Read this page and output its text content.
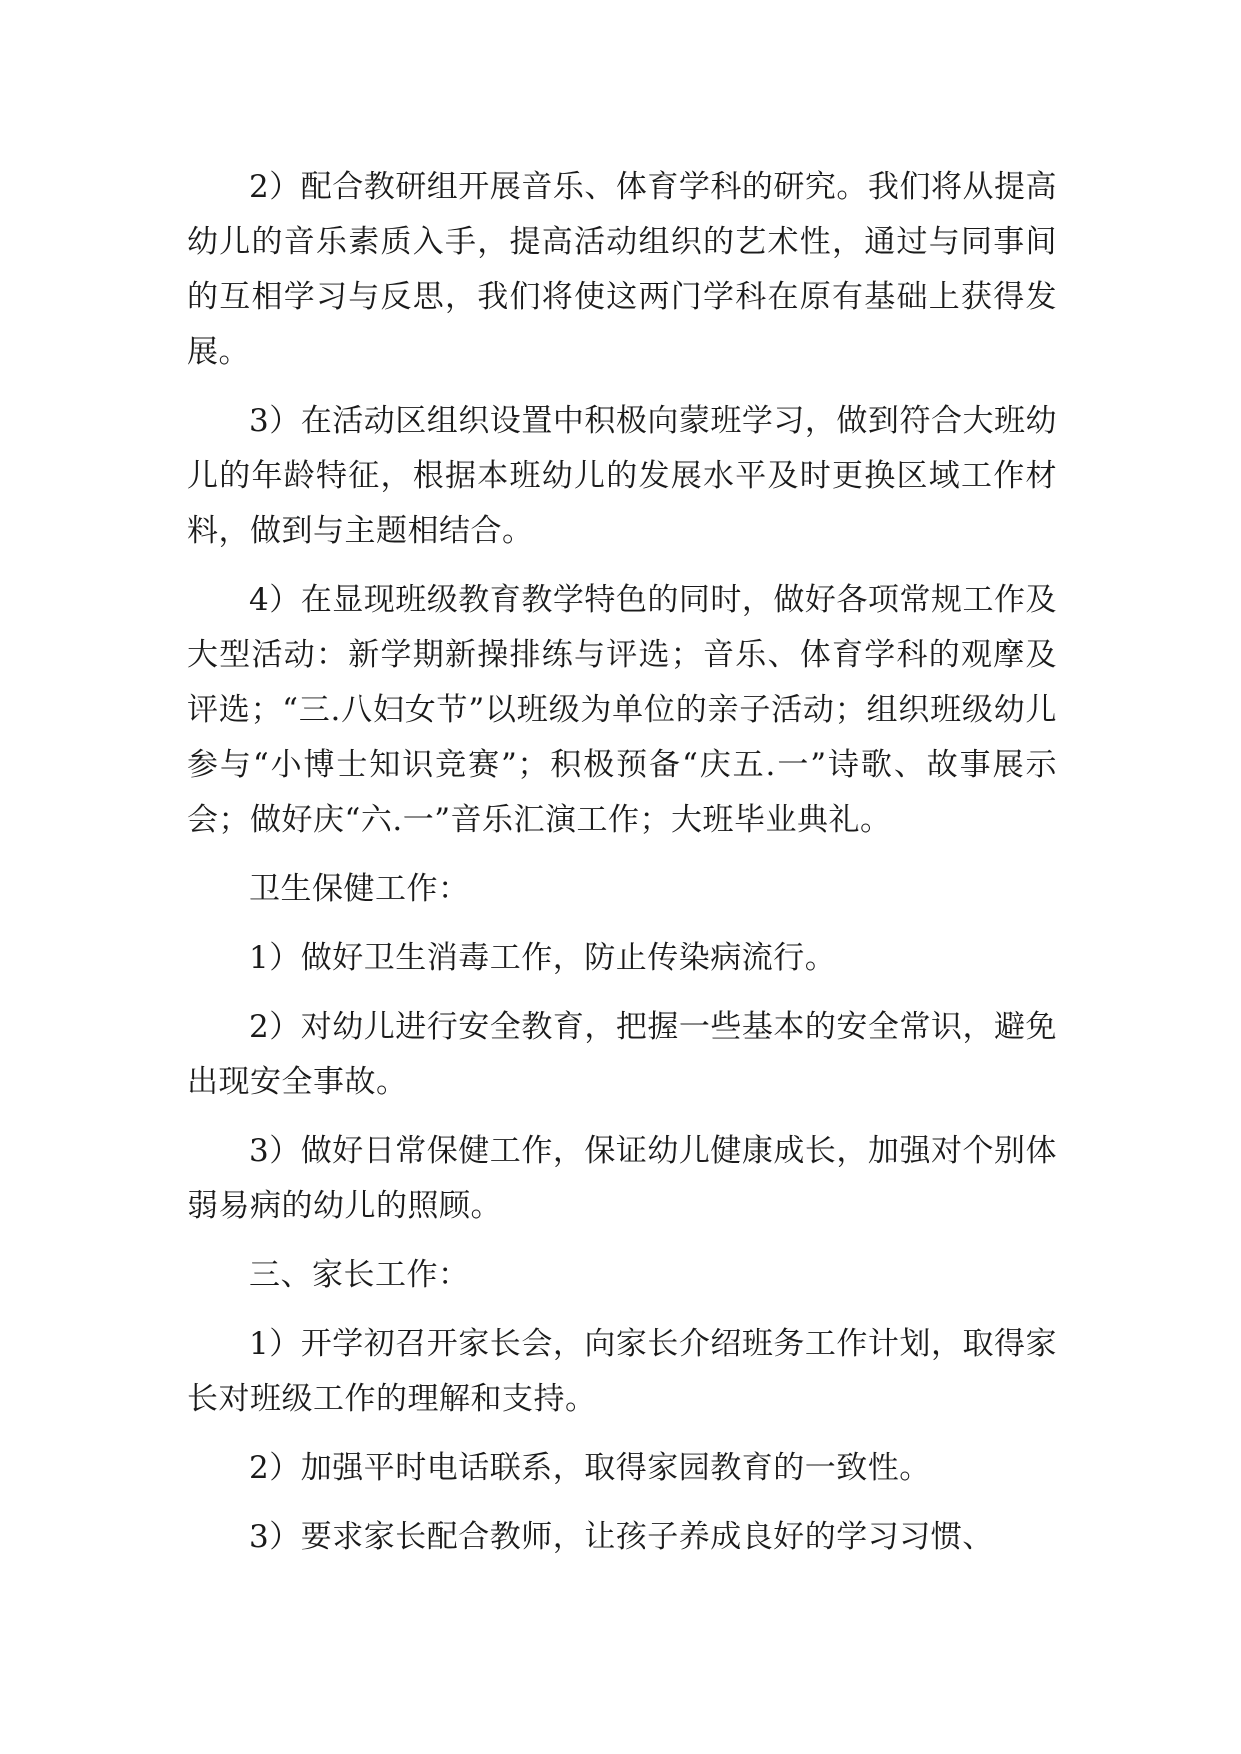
2）配合教研组开展音乐、体育学科的研究。我们将从提高幼儿的音乐素质入手，提高活动组织的艺术性，通过与同事间的互相学习与反思，我们将使这两门学科在原有基础上获得发展。

3）在活动区组织设置中积极向蒙班学习，做到符合大班幼儿的年龄特征，根据本班幼儿的发展水平及时更换区域工作材料，做到与主题相结合。

4）在显现班级教育教学特色的同时，做好各项常规工作及大型活动：新学期新操排练与评选；音乐、体育学科的观摩及评选；“三.八妇女节”以班级为单位的亲子活动；组织班级幼儿参与“小博士知识竞赛”；积极预备“庆五.一”诗歌、故事展示会；做好庆“六.一”音乐汇演工作；大班毕业典礼。

卫生保健工作：

1）做好卫生消毒工作，防止传染病流行。

2）对幼儿进行安全教育，把握一些基本的安全常识，避免出现安全事故。

3）做好日常保健工作，保证幼儿健康成长，加强对个别体弱易病的幼儿的照顾。

三、家长工作：

1）开学初召开家长会，向家长介绍班务工作计划，取得家长对班级工作的理解和支持。

2）加强平时电话联系，取得家园教育的一致性。

3）要求家长配合教师，让孩子养成良好的学习习惯、
